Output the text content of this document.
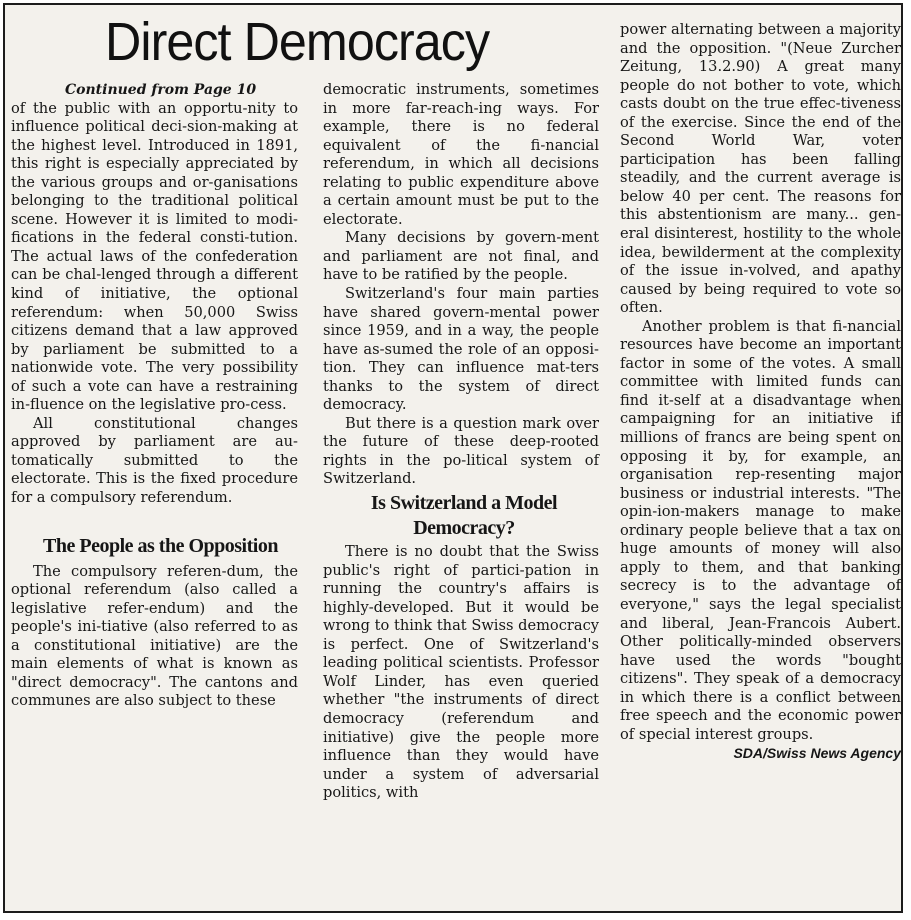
Direct Democracy

Continued from Page 10

of the public with an opportu-nity to influence political deci-sion-making at the highest level. Introduced in 1891, this right is especially appreciated by the various groups and or-ganisations belonging to the traditional political scene. However it is limited to modi-fications in the federal consti-tution. The actual laws of the confederation can be chal-lenged through a different kind of initiative, the optional referendum: when 50,000 Swiss citizens demand that a law approved by parliament be submitted to a nationwide vote. The very possibility of such a vote can have a restraining in-fluence on the legislative pro-cess.

All constitutional changes approved by parliament are au-tomatically submitted to the electorate. This is the fixed procedure for a compulsory referendum.

The People as the Opposition

The compulsory referen-dum, the optional referendum (also called a legislative refer-endum) and the people's ini-tiative (also referred to as a constitutional initiative) are the main elements of what is known as "direct democracy". The cantons and communes are also subject to these

democratic instruments, sometimes in more far-reach-ing ways. For example, there is no federal equivalent of the fi-nancial referendum, in which all decisions relating to public expenditure above a certain amount must be put to the electorate.

Many decisions by govern-ment and parliament are not final, and have to be ratified by the people.

Switzerland's four main parties have shared govern-mental power since 1959, and in a way, the people have as-sumed the role of an opposi-tion. They can influence mat-ters thanks to the system of direct democracy.

But there is a question mark over the future of these deep-rooted rights in the po-litical system of Switzerland.

Is Switzerland a Model Democracy?

There is no doubt that the Swiss public's right of partici-pation in running the country's affairs is highly-developed. But it would be wrong to think that Swiss democracy is perfect. One of Switzerland's leading political scientists. Professor Wolf Linder, has even queried whether "the instruments of direct democracy (referendum and initiative) give the people more influence than they would have under a system of adversarial politics, with

power alternating between a majority and the opposition. "(Neue Zurcher Zeitung, 13.2.90) A great many people do not bother to vote, which casts doubt on the true effec-tiveness of the exercise. Since the end of the Second World War, voter participation has been falling steadily, and the current average is below 40 per cent. The reasons for this abstentionism are many... gen-eral disinterest, hostility to the whole idea, bewilderment at the complexity of the issue in-volved, and apathy caused by being required to vote so often.

Another problem is that fi-nancial resources have become an important factor in some of the votes. A small committee with limited funds can find it-self at a disadvantage when campaigning for an initiative if millions of francs are being spent on opposing it by, for example, an organisation rep-resenting major business or industrial interests. "The opin-ion-makers manage to make ordinary people believe that a tax on huge amounts of money will also apply to them, and that banking secrecy is to the advantage of everyone," says the legal specialist and liberal, Jean-Francois Aubert. Other politically-minded observers have used the words "bought citizens". They speak of a democracy in which there is a conflict between free speech and the economic power of special interest groups.

SDA/Swiss News Agency
